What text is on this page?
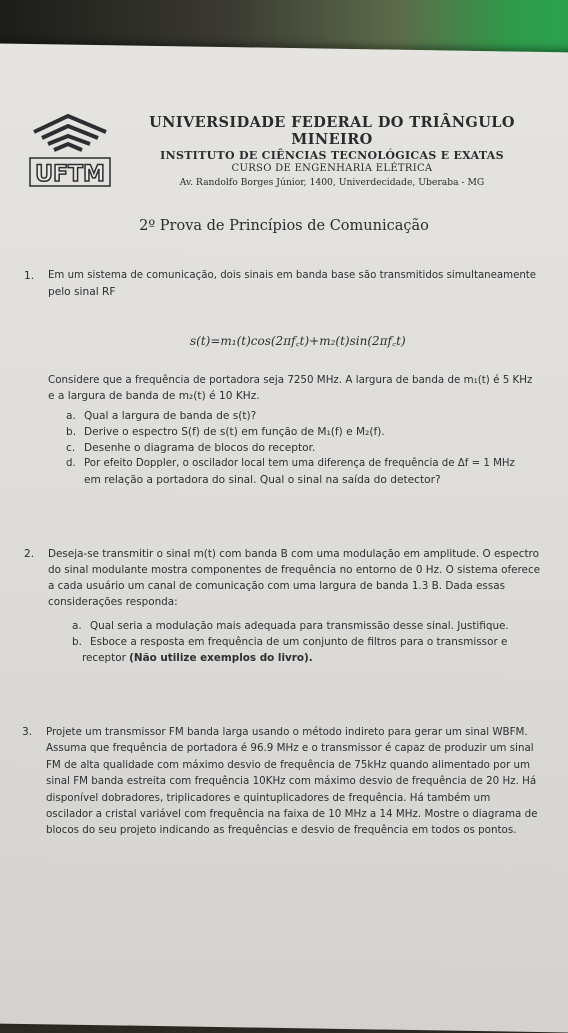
UFTM
UNIVERSIDADE FEDERAL DO TRIÂNGULO MINEIRO
INSTITUTO DE CIÊNCIAS TECNOLÓGICAS E EXATAS
CURSO DE ENGENHARIA ELÉTRICA
Av. Randolfo Borges Júnior, 1400, Univerdecidade, Uberaba - MG
2º Prova de Princípios de Comunicação
1.	Em um sistema de comunicação, dois sinais em banda base são transmitidos simultaneamente
pelo sinal RF
s(t)=m₁(t)cos(2πf꜀t)+m₂(t)sin(2πf꜀t)
Considere que a frequência de portadora seja 7250 MHz. A largura de banda de m₁(t) é 5 KHz
e a largura de banda de m₂(t) é 10 KHz.
a. Qual a largura de banda de s(t)?
b. Derive o espectro S(f) de s(t) em função de M₁(f) e M₂(f).
c. Desenhe o diagrama de blocos do receptor.
d. Por efeito Doppler, o oscilador local tem uma diferença de frequência de Δf = 1 MHz
em relação a portadora do sinal. Qual o sinal na saída do detector?
2.	Deseja-se transmitir o sinal m(t) com banda B com uma modulação em amplitude. O espectro
do sinal modulante mostra componentes de frequência no entorno de 0 Hz. O sistema oferece
a cada usuário um canal de comunicação com uma largura de banda 1.3 B. Dada essas
considerações responda:
a. Qual seria a modulação mais adequada para transmissão desse sinal. Justifique.
b. Esboce a resposta em frequência de um conjunto de filtros para o transmissor e
receptor (Não utilize exemplos do livro).
3.	Projete um transmissor FM banda larga usando o método indireto para gerar um sinal WBFM.
Assuma que frequência de portadora é 96.9 MHz e o transmissor é capaz de produzir um sinal
FM de alta qualidade com máximo desvio de frequência de 75kHz quando alimentado por um
sinal FM banda estreita com frequência 10KHz com máximo desvio de frequência de 20 Hz. Há
disponível dobradores, triplicadores e quintuplicadores de frequência. Há também um
oscilador a cristal variável com frequência na faixa de 10 MHz a 14 MHz. Mostre o diagrama de
blocos do seu projeto indicando as frequências e desvio de frequência em todos os pontos.
